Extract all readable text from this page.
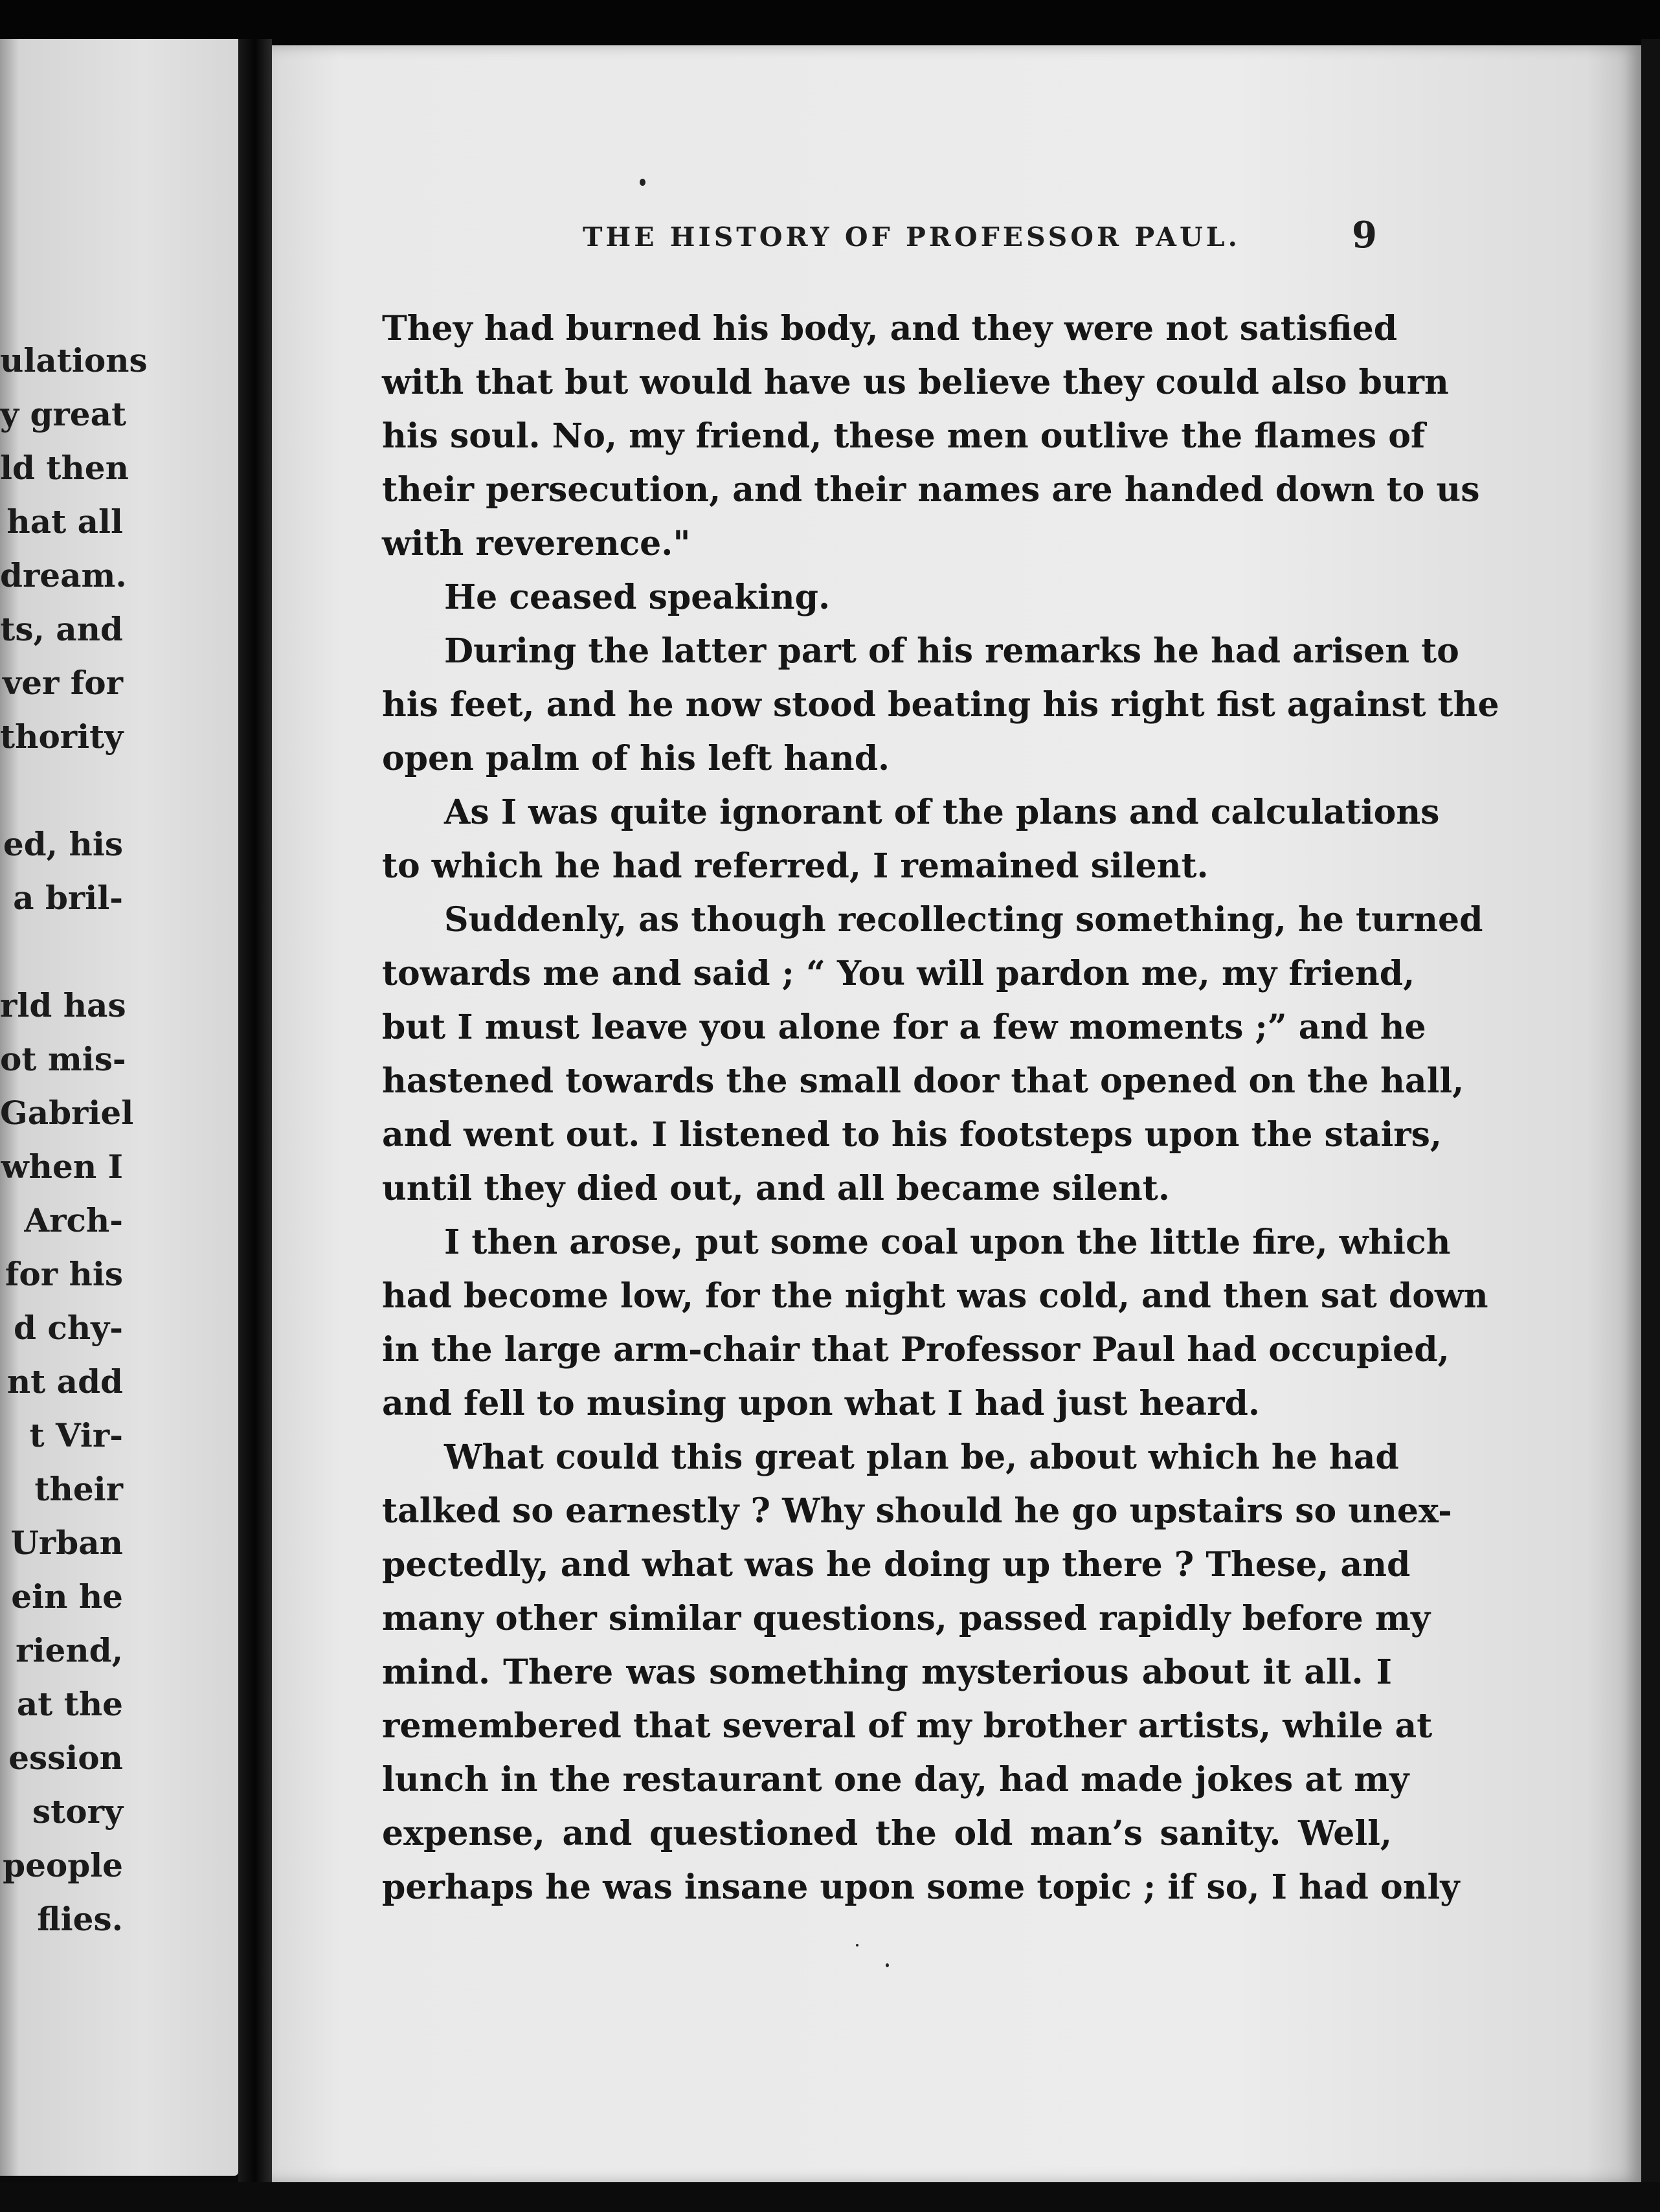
ulations
y great
ld then
hat all
dream.
ts, and
ver for
thority
ed, his
a bril-
rld has
ot mis-
Gabriel
when I
Arch-
for his
d chy-
nt add
t Vir-
their
Urban
ein he
riend,
at the
ession
story
people
flies.
THE HISTORY OF PROFESSOR PAUL.	9
They had burned his body, and they were not satisfied
with that but would have us believe they could also burn
his soul. No, my friend, these men outlive the flames of
their persecution, and their names are handed down to us
with reverence."
He ceased speaking.
During the latter part of his remarks he had arisen to
his feet, and he now stood beating his right fist against the
open palm of his left hand.
As I was quite ignorant of the plans and calculations
to which he had referred, I remained silent.
Suddenly, as though recollecting something, he turned
towards me and said ; “ You will pardon me, my friend,
but I must leave you alone for a few moments ;” and he
hastened towards the small door that opened on the hall,
and went out. I listened to his footsteps upon the stairs,
until they died out, and all became silent.
I then arose, put some coal upon the little fire, which
had become low, for the night was cold, and then sat down
in the large arm-chair that Professor Paul had occupied,
and fell to musing upon what I had just heard.
What could this great plan be, about which he had
talked so earnestly ? Why should he go upstairs so unex-
pectedly, and what was he doing up there ? These, and
many other similar questions, passed rapidly before my
mind. There was something mysterious about it all. I
remembered that several of my brother artists, while at
lunch in the restaurant one day, had made jokes at my
expense, and questioned the old man’s sanity. Well,
perhaps he was insane upon some topic ; if so, I had only
